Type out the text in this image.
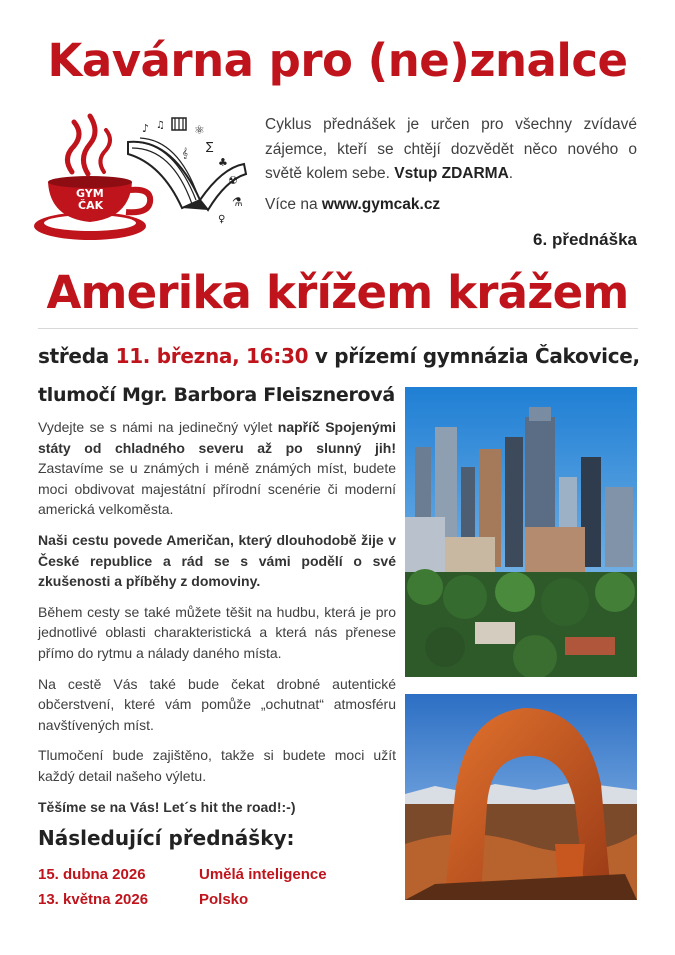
Kavárna pro (ne)znalce
♪ ♫ ⚛
∑
♣
☢
⚗
𝄞
♀
GYM
ČAK
Cyklus přednášek je určen pro všechny zvídavé zájemce, kteří se chtějí dozvědět něco nového o světě kolem sebe. Vstup ZDARMA.
Více na www.gymcak.cz
6. přednáška
Amerika křížem krážem
středa 11. března, 16:30 v přízemí gymnázia Čakovice,
tlumočí Mgr. Barbora Fleisznerová

Vydejte se s námi na jedinečný výlet napříč Spojenými státy od chladného severu až po slunný jih! Zastavíme se u známých i méně známých míst, budete moci obdivovat majestátní přírodní scenérie či moderní americká velkoměsta.

Naši cestu povede Američan, který dlouhodobě žije v České republice a rád se s vámi podělí o své zkušenosti a příběhy z domoviny.

Během cesty se také můžete těšit na hudbu, která je pro jednotlivé oblasti charakteristická a která nás přenese přímo do rytmu a nálady daného místa.

Na cestě Vás také bude čekat drobné autentické občerstvení, které vám pomůže „ochutnat“ atmosféru navštívených míst.

Tlumočení bude zajištěno, takže si budete moci užít každý detail našeho výletu.

Těšíme se na Vás! Let´s hit the road!:-)

Následující přednášky:
15. dubna 2026	Umělá inteligence
13. května 2026	Polsko
